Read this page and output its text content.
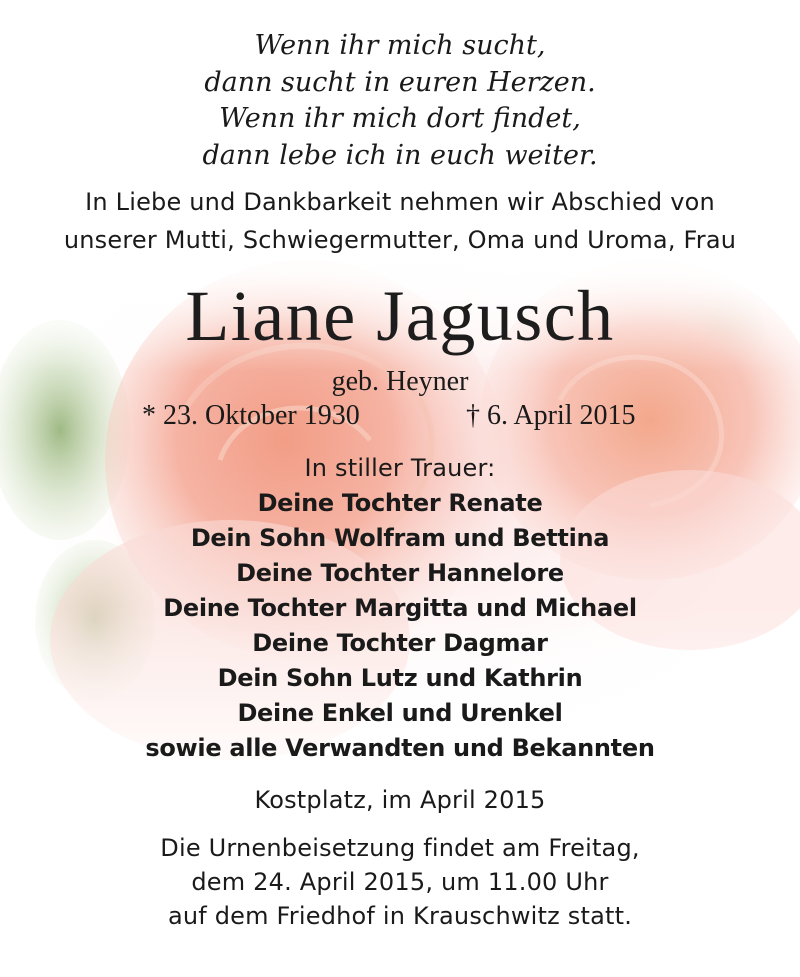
Wenn ihr mich sucht,
dann sucht in euren Herzen.
Wenn ihr mich dort findet,
dann lebe ich in euch weiter.
In Liebe und Dankbarkeit nehmen wir Abschied von
unserer Mutti, Schwiegermutter, Oma und Uroma, Frau
Liane Jagusch
geb. Heyner
* 23. Oktober 1930	† 6. April 2015
In stiller Trauer:
Deine Tochter Renate
Dein Sohn Wolfram und Bettina
Deine Tochter Hannelore
Deine Tochter Margitta und Michael
Deine Tochter Dagmar
Dein Sohn Lutz und Kathrin
Deine Enkel und Urenkel
sowie alle Verwandten und Bekannten
Kostplatz, im April 2015
Die Urnenbeisetzung findet am Freitag,
dem 24. April 2015, um 11.00 Uhr
auf dem Friedhof in Krauschwitz statt.
